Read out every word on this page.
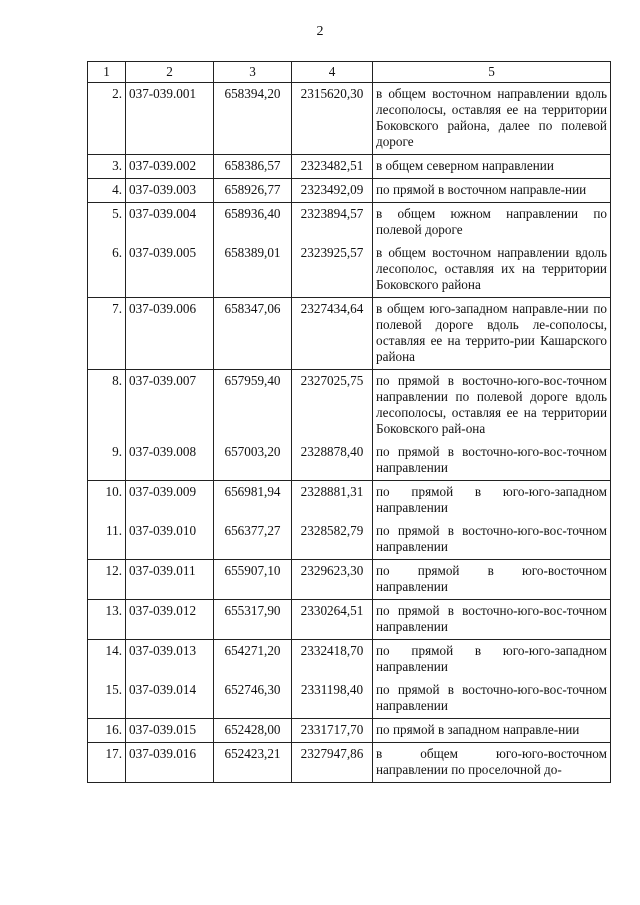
2
1	2	3	4	5
2.	037-039.001	658394,20	2315620,30	в общем восточном направлении вдоль лесополосы, оставляя ее на территории Боковского района, далее по полевой дороге
3.	037-039.002	658386,57	2323482,51	в общем северном направлении
4.	037-039.003	658926,77	2323492,09	по прямой в восточном направле-нии
5.	037-039.004	658936,40	2323894,57	в общем южном направлении по полевой дороге
6.	037-039.005	658389,01	2323925,57	в общем восточном направлении вдоль лесополос, оставляя их на территории Боковского района
7.	037-039.006	658347,06	2327434,64	в общем юго-западном направле-нии по полевой дороге вдоль ле-сополосы, оставляя ее на террито-рии Кашарского района
8.	037-039.007	657959,40	2327025,75	по прямой в восточно-юго-вос-точном направлении по полевой дороге вдоль лесополосы, оставляя ее на территории Боковского рай-она
9.	037-039.008	657003,20	2328878,40	по прямой в восточно-юго-вос-точном направлении
10.	037-039.009	656981,94	2328881,31	по прямой в юго-юго-западном направлении
11.	037-039.010	656377,27	2328582,79	по прямой в восточно-юго-вос-точном направлении
12.	037-039.011	655907,10	2329623,30	по прямой в юго-восточном направлении
13.	037-039.012	655317,90	2330264,51	по прямой в восточно-юго-вос-точном направлении
14.	037-039.013	654271,20	2332418,70	по прямой в юго-юго-западном направлении
15.	037-039.014	652746,30	2331198,40	по прямой в восточно-юго-вос-точном направлении
16.	037-039.015	652428,00	2331717,70	по прямой в западном направле-нии
17.	037-039.016	652423,21	2327947,86	в общем юго-юго-восточном направлении по проселочной до-
